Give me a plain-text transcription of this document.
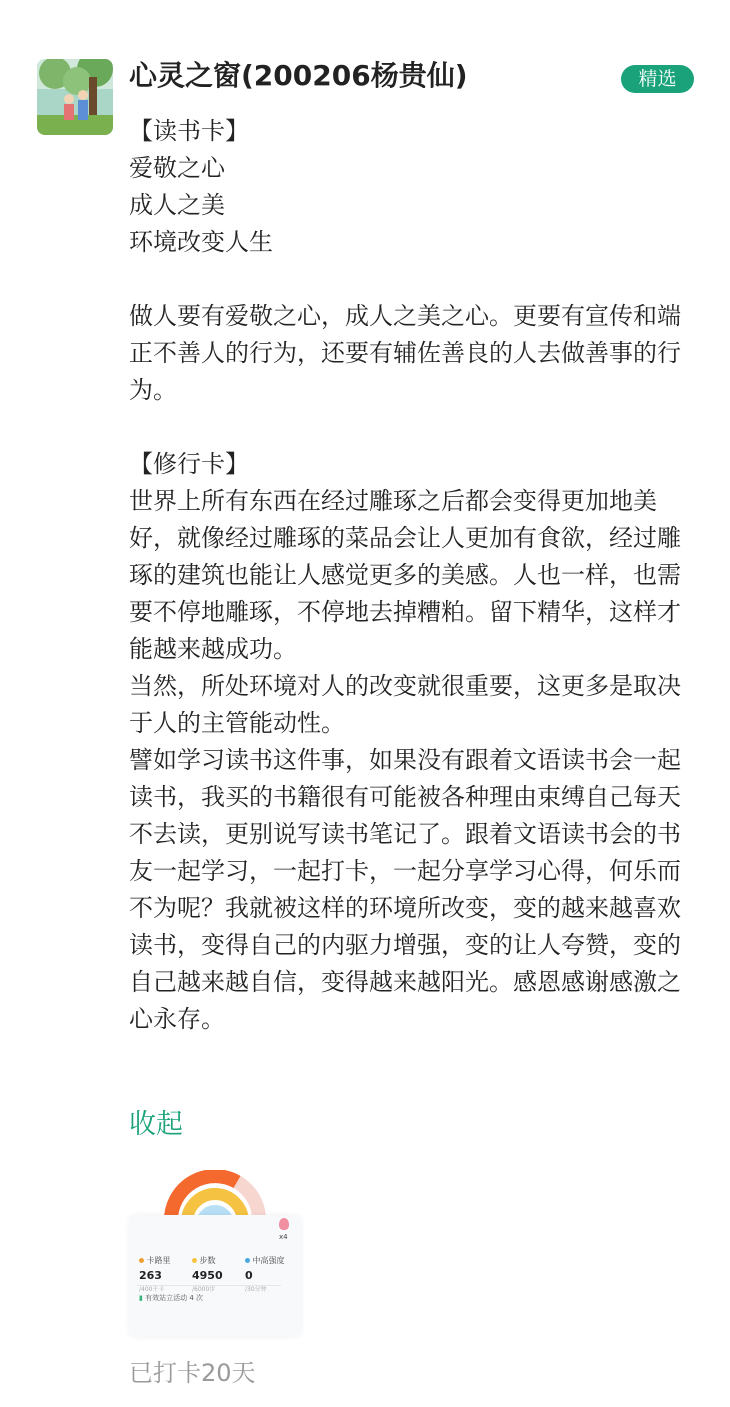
心灵之窗(200206杨贵仙)	精选

【读书卡】

爱敬之心

成人之美

环境改变人生

做人要有爱敬之心，成人之美之心。更要有宣传和端正不善人的行为，还要有辅佐善良的人去做善事的行为。

【修行卡】

世界上所有东西在经过雕琢之后都会变得更加地美好，就像经过雕琢的菜品会让人更加有食欲，经过雕琢的建筑也能让人感觉更多的美感。人也一样，也需要不停地雕琢，不停地去掉糟粕。留下精华，这样才能越来越成功。

当然，所处环境对人的改变就很重要，这更多是取决于人的主管能动性。

譬如学习读书这件事，如果没有跟着文语读书会一起读书，我买的书籍很有可能被各种理由束缚自己每天不去读，更别说写读书笔记了。跟着文语读书会的书友一起学习，一起打卡，一起分享学习心得，何乐而不为呢？我就被这样的环境所改变，变的越来越喜欢读书，变得自己的内驱力增强，变的让人夸赞，变的自己越来越自信，变得越来越阳光。感恩感谢感激之心永存。

收起
x4
卡路里
263
/400千卡
步数
4950
/6000步
中高强度
0
/30分钟
▮ 有效站立活动 4 次
已打卡20天
